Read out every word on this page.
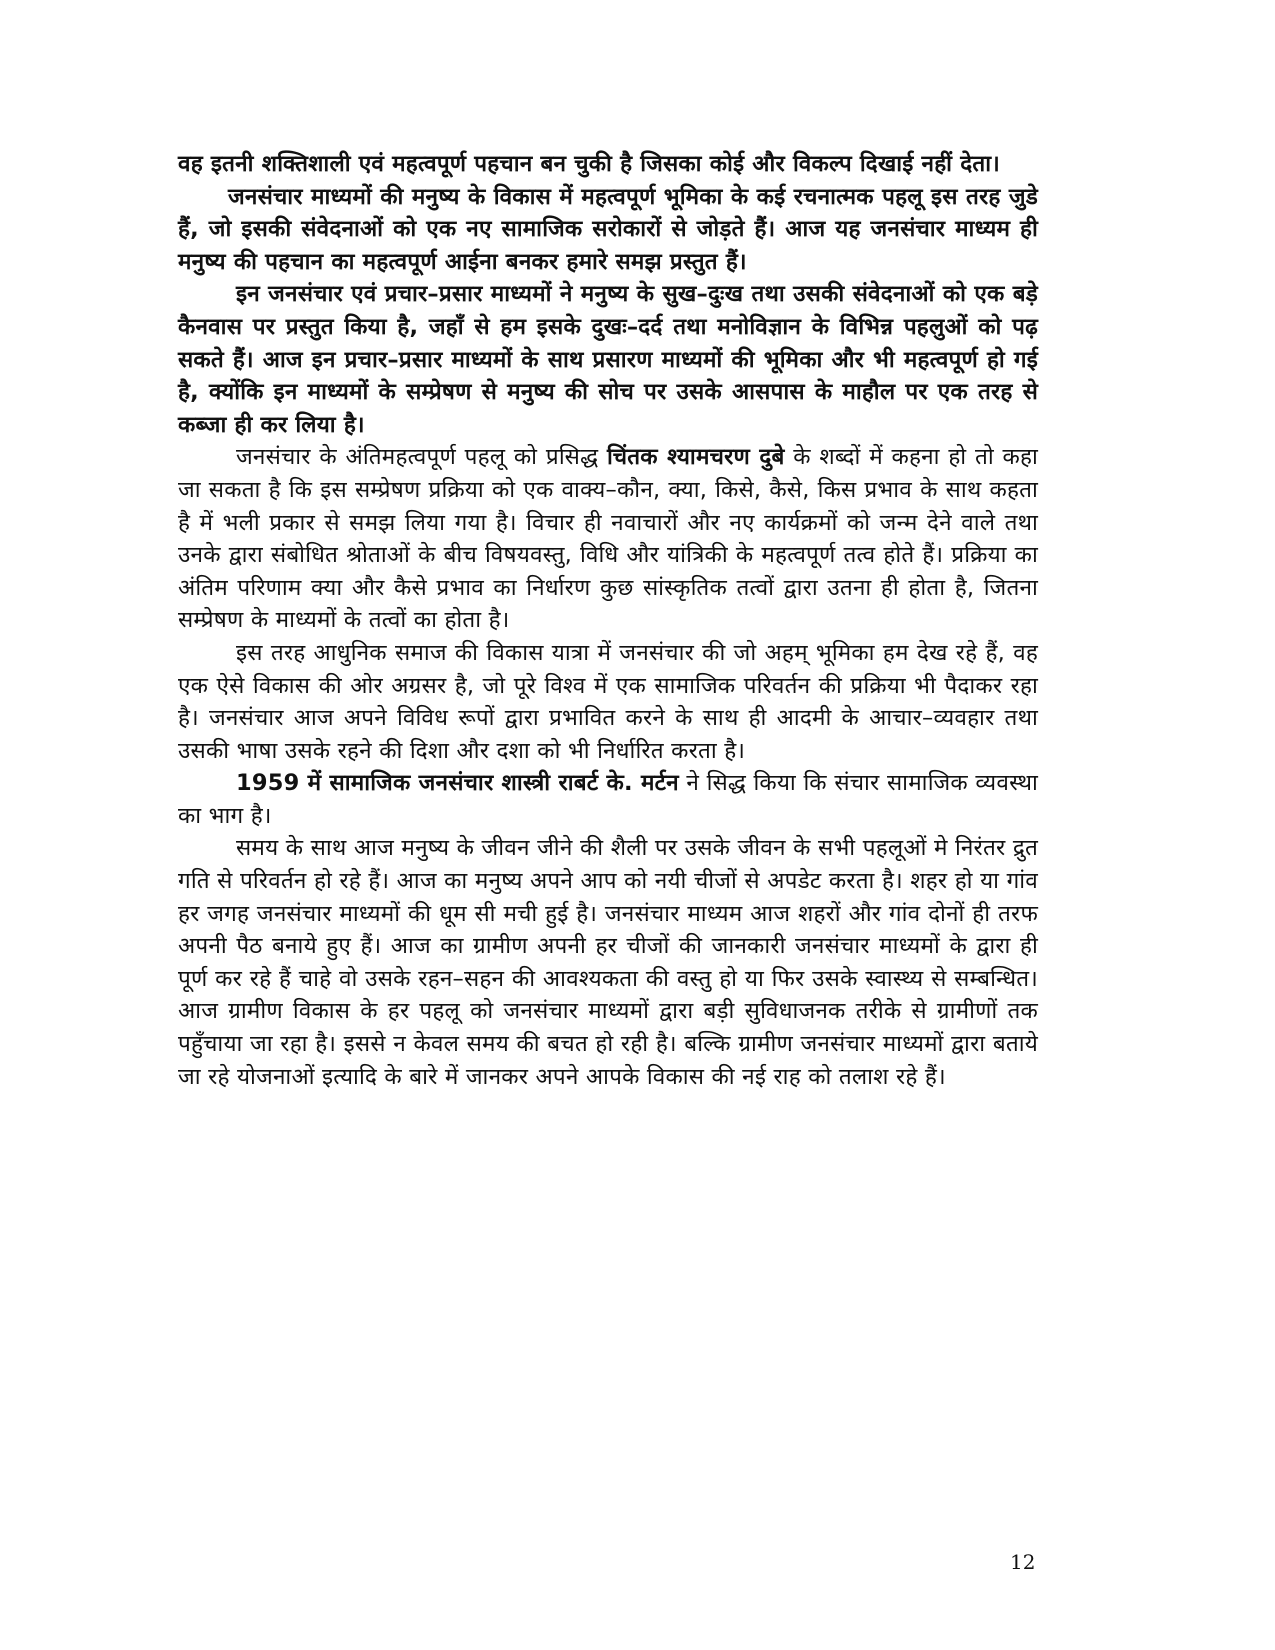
वह इतनी शक्तिशाली एवं महत्वपूर्ण पहचान बन चुकी है जिसका कोई और विकल्प दिखाई नहीं देता।

जनसंचार माध्यमों की मनुष्य के विकास में महत्वपूर्ण भूमिका के कई रचनात्मक पहलू इस तरह जुडे हैं, जो इसकी संवेदनाओं को एक नए सामाजिक सरोकारों से जोड़ते हैं। आज यह जनसंचार माध्यम ही मनुष्य की पहचान का महत्वपूर्ण आईना बनकर हमारे समझ प्रस्तुत हैं।

इन जनसंचार एवं प्रचार–प्रसार माध्यमों ने मनुष्य के सुख–दुःख तथा उसकी संवेदनाओं को एक बड़े कैनवास पर प्रस्तुत किया है, जहाँ से हम इसके दुखः–दर्द तथा मनोविज्ञान के विभिन्न पहलुओं को पढ़ सकते हैं। आज इन प्रचार–प्रसार माध्यमों के साथ प्रसारण माध्यमों की भूमिका और भी महत्वपूर्ण हो गई है, क्योंकि इन माध्यमों के सम्प्रेषण से मनुष्य की सोच पर उसके आसपास के माहौल पर एक तरह से कब्जा ही कर लिया है।

जनसंचार के अंतिमहत्वपूर्ण पहलू को प्रसिद्ध चिंतक श्यामचरण दुबे के शब्दों में कहना हो तो कहा जा सकता है कि इस सम्प्रेषण प्रक्रिया को एक वाक्य–कौन, क्या, किसे, कैसे, किस प्रभाव के साथ कहता है में भली प्रकार से समझ लिया गया है। विचार ही नवाचारों और नए कार्यक्रमों को जन्म देने वाले तथा उनके द्वारा संबोधित श्रोताओं के बीच विषयवस्तु, विधि और यांत्रिकी के महत्वपूर्ण तत्व होते हैं। प्रक्रिया का अंतिम परिणाम क्या और कैसे प्रभाव का निर्धारण कुछ सांस्कृतिक तत्वों द्वारा उतना ही होता है, जितना सम्प्रेषण के माध्यमों के तत्वों का होता है।

इस तरह आधुनिक समाज की विकास यात्रा में जनसंचार की जो अहम् भूमिका हम देख रहे हैं, वह एक ऐसे विकास की ओर अग्रसर है, जो पूरे विश्व में एक सामाजिक परिवर्तन की प्रक्रिया भी पैदाकर रहा है। जनसंचार आज अपने विविध रूपों द्वारा प्रभावित करने के साथ ही आदमी के आचार–व्यवहार तथा उसकी भाषा उसके रहने की दिशा और दशा को भी निर्धारित करता है।

1959 में सामाजिक जनसंचार शास्त्री राबर्ट के. मर्टन ने सिद्ध किया कि संचार सामाजिक व्यवस्था का भाग है।

समय के साथ आज मनुष्य के जीवन जीने की शैली पर उसके जीवन के सभी पहलूओं मे निरंतर द्रुत गति से परिवर्तन हो रहे हैं। आज का मनुष्य अपने आप को नयी चीजों से अपडेट करता है। शहर हो या गांव हर जगह जनसंचार माध्यमों की धूम सी मची हुई है। जनसंचार माध्यम आज शहरों और गांव दोनों ही तरफ अपनी पैठ बनाये हुए हैं। आज का ग्रामीण अपनी हर चीजों की जानकारी जनसंचार माध्यमों के द्वारा ही पूर्ण कर रहे हैं चाहे वो उसके रहन–सहन की आवश्यकता की वस्तु हो या फिर उसके स्वास्थ्य से सम्बन्धित। आज ग्रामीण विकास के हर पहलू को जनसंचार माध्यमों द्वारा बड़ी सुविधाजनक तरीके से ग्रामीणों तक पहुँचाया जा रहा है। इससे न केवल समय की बचत हो रही है। बल्कि ग्रामीण जनसंचार माध्यमों द्वारा बताये जा रहे योजनाओं इत्यादि के बारे में जानकर अपने आपके विकास की नई राह को तलाश रहे हैं।

12
